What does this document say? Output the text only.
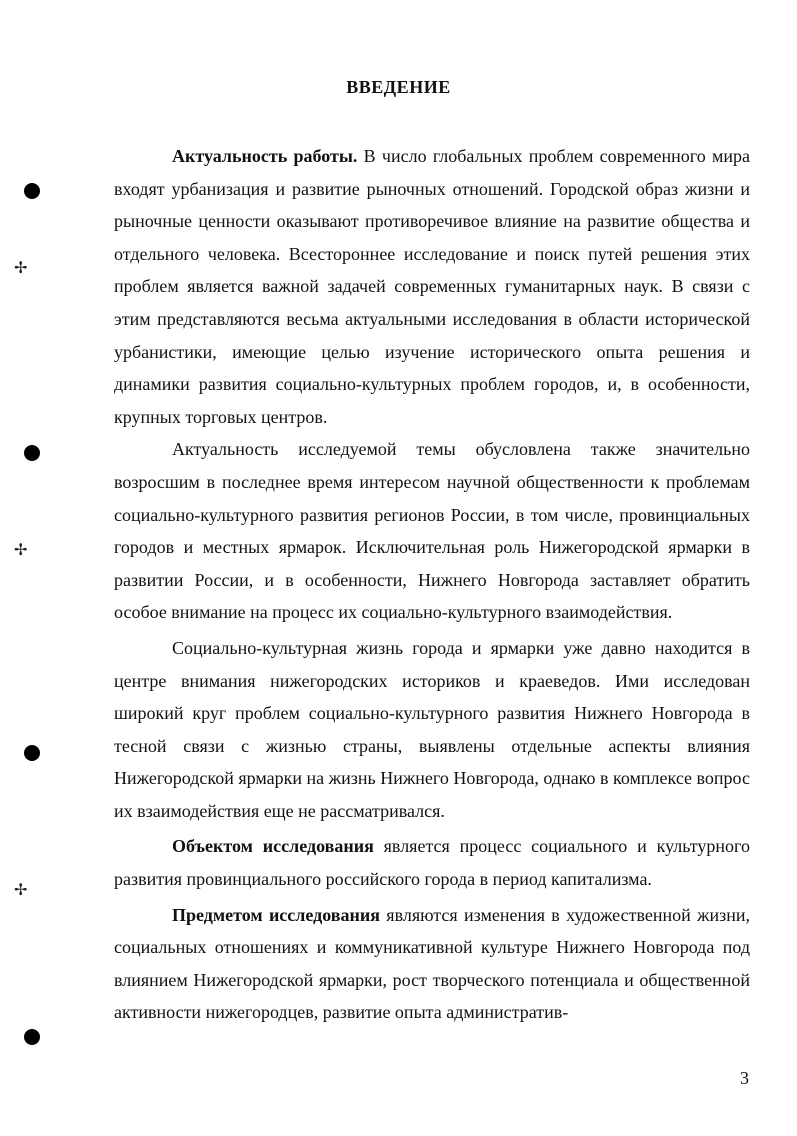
✢
✢
✢
ВВЕДЕНИЕ

Актуальность работы. В число глобальных проблем современного мира входят урбанизация и развитие рыночных отношений. Городской образ жизни и рыночные ценности оказывают противоречивое влияние на развитие общества и отдельного человека. Всестороннее исследование и поиск путей решения этих проблем является важной задачей современных гуманитарных наук. В связи с этим представляются весьма актуальными исследования в области исторической урбанистики, имеющие целью изучение исторического опыта решения и динамики развития социально-культурных проблем городов, и, в особенности, крупных торговых центров.

Актуальность исследуемой темы обусловлена также значительно возросшим в последнее время интересом научной общественности к проблемам социально-культурного развития регионов России, в том числе, провинциальных городов и местных ярмарок. Исключительная роль Нижегородской ярмарки в развитии России, и в особенности, Нижнего Новгорода заставляет обратить особое внимание на процесс их социально-культурного взаимодействия.

Социально-культурная жизнь города и ярмарки уже давно находится в центре внимания нижегородских историков и краеведов. Ими исследован широкий круг проблем социально-культурного развития Нижнего Новгорода в тесной связи с жизнью страны, выявлены отдельные аспекты влияния Нижегородской ярмарки на жизнь Нижнего Новгорода, однако в комплексе вопрос их взаимодействия еще не рассматривался.

Объектом исследования является процесс социального и культурного развития провинциального российского города в период капитализма.

Предметом исследования являются изменения в художественной жизни, социальных отношениях и коммуникативной культуре Нижнего Новгорода под влиянием Нижегородской ярмарки, рост творческого потенциала и общественной активности нижегородцев, развитие опыта административ-

3
